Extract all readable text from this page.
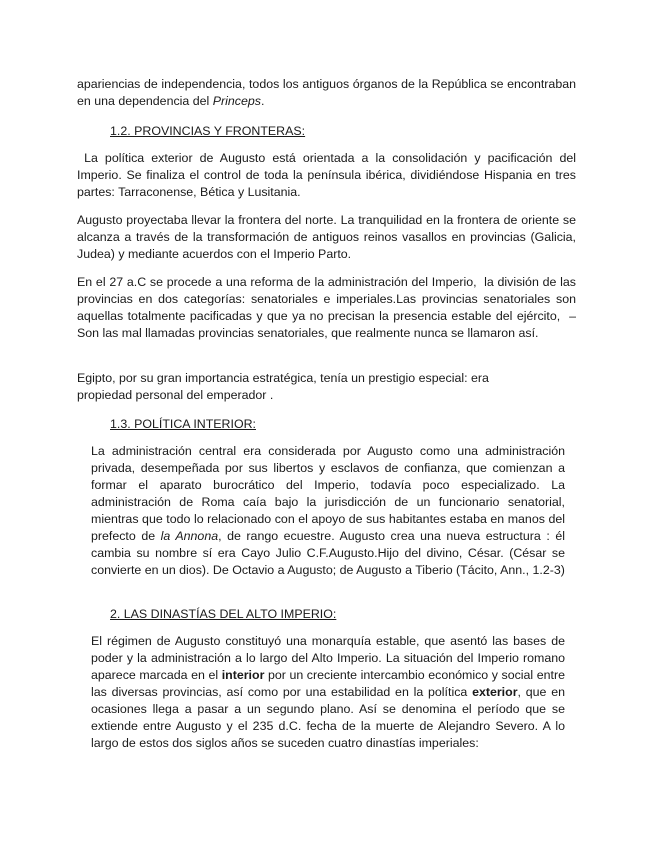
apariencias de independencia, todos los antiguos órganos de la República se encontraban en una dependencia del Princeps.

1.2. PROVINCIAS Y FRONTERAS:

La política exterior de Augusto está orientada a la consolidación y pacificación del Imperio. Se finaliza el control de toda la península ibérica, dividiéndose Hispania en tres partes: Tarraconense, Bética y Lusitania.

Augusto proyectaba llevar la frontera del norte. La tranquilidad en la frontera de oriente se alcanza a través de la transformación de antiguos reinos vasallos en provincias (Galicia, Judea) y mediante acuerdos con el Imperio Parto.

En el 27 a.C se procede a una reforma de la administración del Imperio,  la división de las provincias en dos categorías: senatoriales e imperiales.Las provincias senatoriales son aquellas totalmente pacificadas y que ya no precisan la presencia estable del ejército,  –Son las mal llamadas provincias senatoriales, que realmente nunca se llamaron así.

Egipto, por su gran importancia estratégica, tenía un prestigio especial: era propiedad personal del emperador .

1.3. POLÍTICA INTERIOR:

La administración central era considerada por Augusto como una administración privada, desempeñada por sus libertos y esclavos de confianza, que comienzan a formar el aparato burocrático del Imperio, todavía poco especializado. La administración de Roma caía bajo la jurisdicción de un funcionario senatorial, mientras que todo lo relacionado con el apoyo de sus habitantes estaba en manos del prefecto de la Annona, de rango ecuestre. Augusto crea una nueva estructura : él cambia su nombre sí era Cayo Julio C.F.Augusto.Hijo del divino, César. (César se convierte en un dios). De Octavio a Augusto; de Augusto a Tiberio (Tácito, Ann., 1.2-3)

2. LAS DINASTÍAS DEL ALTO IMPERIO:

El régimen de Augusto constituyó una monarquía estable, que asentó las bases de poder y la administración a lo largo del Alto Imperio. La situación del Imperio romano aparece marcada en el interior por un creciente intercambio económico y social entre las diversas provincias, así como por una estabilidad en la política exterior, que en ocasiones llega a pasar a un segundo plano. Así se denomina el período que se extiende entre Augusto y el 235 d.C. fecha de la muerte de Alejandro Severo. A lo largo de estos dos siglos años se suceden cuatro dinastías imperiales:
